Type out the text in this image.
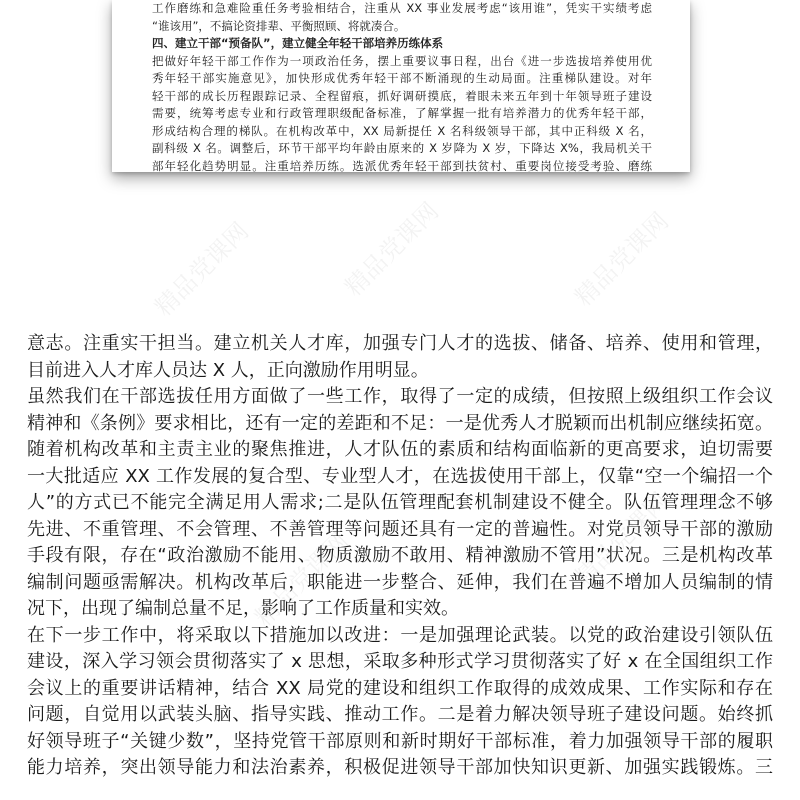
精品党课网	精品党课网	精品党课网
精品党课网	精品党课网
工作磨练和急难险重任务考验相结合，注重从 XX 事业发展考虑“该用谁”，凭实干实绩考虑
“谁该用”，不搞论资排辈、平衡照顾、将就凑合。
四、建立干部“预备队”，建立健全年轻干部培养历练体系
把做好年轻干部工作作为一项政治任务，摆上重要议事日程，出台《进一步选拔培养使用优
秀年轻干部实施意见》，加快形成优秀年轻干部不断涌现的生动局面。注重梯队建设。对年
轻干部的成长历程跟踪记录、全程留痕，抓好调研摸底，着眼未来五年到十年领导班子建设
需要，统筹考虑专业和行政管理职级配备标准，了解掌握一批有培养潜力的优秀年轻干部，
形成结构合理的梯队。在机构改革中，XX 局新提任 X 名科级领导干部，其中正科级 X 名，
副科级 X 名。调整后，环节干部平均年龄由原来的 X 岁降为 X 岁，下降达 X%，我局机关干
部年轻化趋势明显。注重培养历练。选派优秀年轻干部到扶贫村、重要岗位接受考验、磨练
意志。注重实干担当。建立机关人才库，加强专门人才的选拔、储备、培养、使用和管理，
目前进入人才库人员达 X 人，正向激励作用明显。
虽然我们在干部选拔任用方面做了一些工作，取得了一定的成绩，但按照上级组织工作会议
精神和《条例》要求相比，还有一定的差距和不足：一是优秀人才脱颖而出机制应继续拓宽。
随着机构改革和主责主业的聚焦推进，人才队伍的素质和结构面临新的更高要求，迫切需要
一大批适应 XX 工作发展的复合型、专业型人才，在选拔使用干部上，仅靠“空一个编招一个
人”的方式已不能完全满足用人需求;二是队伍管理配套机制建设不健全。队伍管理理念不够
先进、不重管理、不会管理、不善管理等问题还具有一定的普遍性。对党员领导干部的激励
手段有限，存在“政治激励不能用、物质激励不敢用、精神激励不管用”状况。三是机构改革
编制问题亟需解决。机构改革后，职能进一步整合、延伸，我们在普遍不增加人员编制的情
况下，出现了编制总量不足，影响了工作质量和实效。
在下一步工作中，将采取以下措施加以改进：一是加强理论武装。以党的政治建设引领队伍
建设，深入学习领会贯彻落实了 x 思想，采取多种形式学习贯彻落实了好 x 在全国组织工作
会议上的重要讲话精神，结合 XX 局党的建设和组织工作取得的成效成果、工作实际和存在
问题，自觉用以武装头脑、指导实践、推动工作。二是着力解决领导班子建设问题。始终抓
好领导班子“关键少数”，坚持党管干部原则和新时期好干部标准，着力加强领导干部的履职
能力培养，突出领导能力和法治素养，积极促进领导干部加快知识更新、加强实践锻炼。三
